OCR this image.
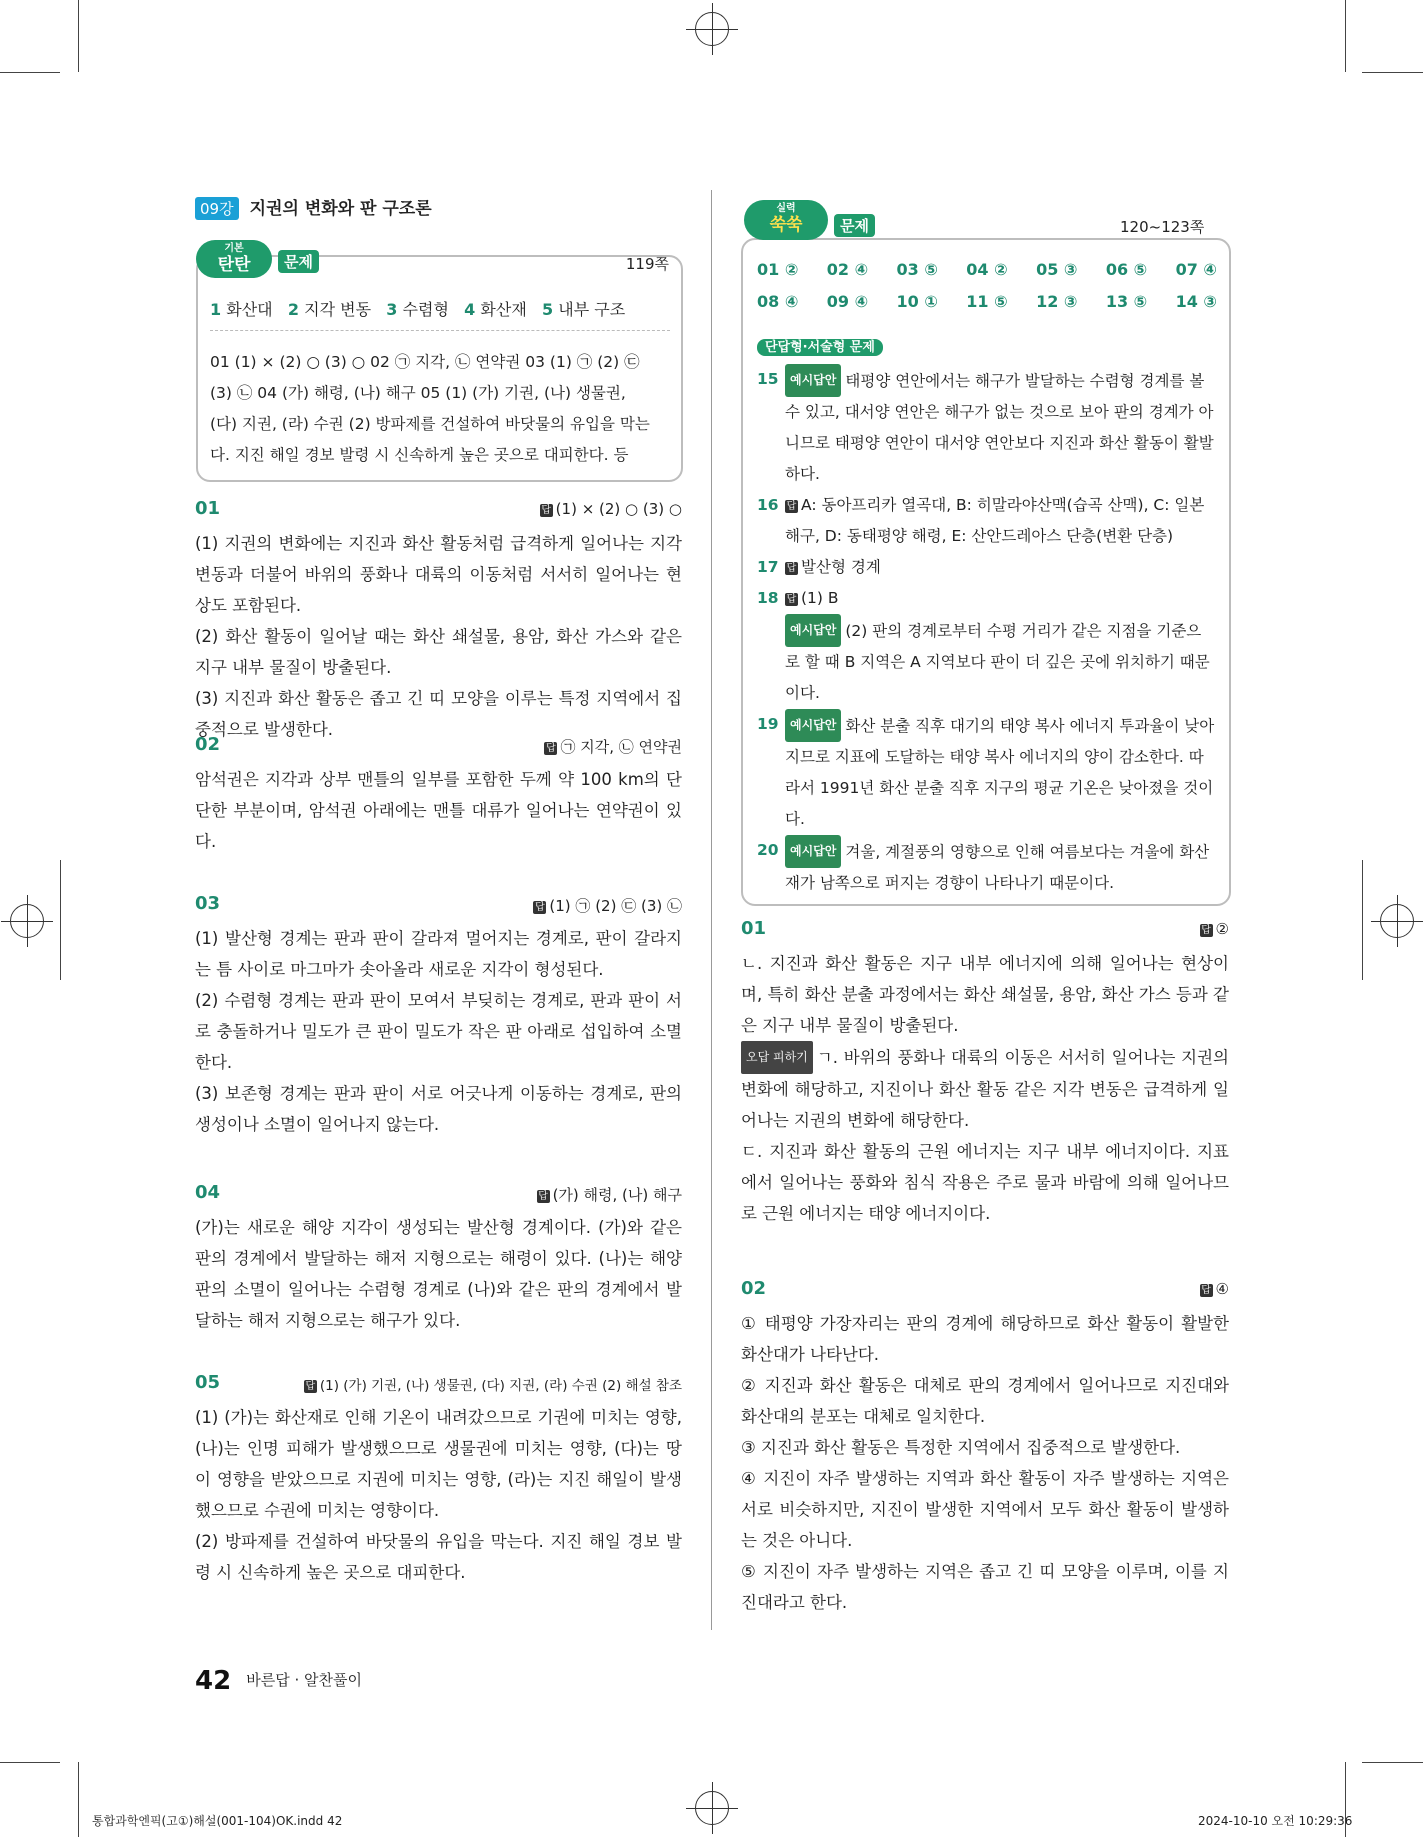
09강 지권의 변화와 판 구조론
119쪽
1 화산대 2 지각 변동 3 수렴형 4 화산재 5 내부 구조
01 (1) × (2) ○ (3) ○ 02 ㉠ 지각, ㉡ 연약권 03 (1) ㉠ (2) ㉢
(3) ㉡ 04 (가) 해령, (나) 해구 05 (1) (가) 기권, (나) 생물권,
(다) 지권, (라) 수권 (2) 방파제를 건설하여 바닷물의 유입을 막는
다. 지진 해일 경보 발령 시 신속하게 높은 곳으로 대피한다. 등
기본
탄탄	문제
01	답 (1) × (2) ○ (3) ○
(1) 지권의 변화에는 지진과 화산 활동처럼 급격하게 일어나는 지각 변동과 더불어 바위의 풍화나 대륙의 이동처럼 서서히 일어나는 현상도 포함된다.
(2) 화산 활동이 일어날 때는 화산 쇄설물, 용암, 화산 가스와 같은 지구 내부 물질이 방출된다.
(3) 지진과 화산 활동은 좁고 긴 띠 모양을 이루는 특정 지역에서 집중적으로 발생한다.
02	답 ㉠ 지각, ㉡ 연약권
암석권은 지각과 상부 맨틀의 일부를 포함한 두께 약 100 km의 단단한 부분이며, 암석권 아래에는 맨틀 대류가 일어나는 연약권이 있다.
03	답 (1) ㉠ (2) ㉢ (3) ㉡
(1) 발산형 경계는 판과 판이 갈라져 멀어지는 경계로, 판이 갈라지는 틈 사이로 마그마가 솟아올라 새로운 지각이 형성된다.
(2) 수렴형 경계는 판과 판이 모여서 부딪히는 경계로, 판과 판이 서로 충돌하거나 밀도가 큰 판이 밀도가 작은 판 아래로 섭입하여 소멸한다.
(3) 보존형 경계는 판과 판이 서로 어긋나게 이동하는 경계로, 판의 생성이나 소멸이 일어나지 않는다.
04	답 (가) 해령, (나) 해구
(가)는 새로운 해양 지각이 생성되는 발산형 경계이다. (가)와 같은 판의 경계에서 발달하는 해저 지형으로는 해령이 있다. (나)는 해양판의 소멸이 일어나는 수렴형 경계로 (나)와 같은 판의 경계에서 발달하는 해저 지형으로는 해구가 있다.
05	답 (1) (가) 기권, (나) 생물권, (다) 지권, (라) 수권 (2) 해설 참조
(1) (가)는 화산재로 인해 기온이 내려갔으므로 기권에 미치는 영향, (나)는 인명 피해가 발생했으므로 생물권에 미치는 영향, (다)는 땅이 영향을 받았으므로 지권에 미치는 영향, (라)는 지진 해일이 발생했으므로 수권에 미치는 영향이다.
(2) 방파제를 건설하여 바닷물의 유입을 막는다. 지진 해일 경보 발령 시 신속하게 높은 곳으로 대피한다.
01 ② 02 ④ 03 ⑤ 04 ② 05 ③ 06 ⑤ 07 ④
08 ④ 09 ④ 10 ① 11 ⑤ 12 ③ 13 ⑤ 14 ③
단답형·서술형 문제
15 예시답안 태평양 연안에서는 해구가 발달하는 수렴형 경계를 볼 수 있고, 대서양 연안은 해구가 없는 것으로 보아 판의 경계가 아니므로 태평양 연안이 대서양 연안보다 지진과 화산 활동이 활발하다.
16 답 A: 동아프리카 열곡대, B: 히말라야산맥(습곡 산맥), C: 일본 해구, D: 동태평양 해령, E: 산안드레아스 단층(변환 단층)
17 답 발산형 경계
18 답 (1) B
예시답안 (2) 판의 경계로부터 수평 거리가 같은 지점을 기준으로 할 때 B 지역은 A 지역보다 판이 더 깊은 곳에 위치하기 때문이다.
19 예시답안 화산 분출 직후 대기의 태양 복사 에너지 투과율이 낮아지므로 지표에 도달하는 태양 복사 에너지의 양이 감소한다. 따라서 1991년 화산 분출 직후 지구의 평균 기온은 낮아졌을 것이다.
20 예시답안 겨울, 계절풍의 영향으로 인해 여름보다는 겨울에 화산재가 남쪽으로 퍼지는 경향이 나타나기 때문이다.
실력
쑥쑥	문제	120~123쪽
01	답 ②
ㄴ. 지진과 화산 활동은 지구 내부 에너지에 의해 일어나는 현상이며, 특히 화산 분출 과정에서는 화산 쇄설물, 용암, 화산 가스 등과 같은 지구 내부 물질이 방출된다.
오답 피하기 ㄱ. 바위의 풍화나 대륙의 이동은 서서히 일어나는 지권의 변화에 해당하고, 지진이나 화산 활동 같은 지각 변동은 급격하게 일어나는 지권의 변화에 해당한다.
ㄷ. 지진과 화산 활동의 근원 에너지는 지구 내부 에너지이다. 지표에서 일어나는 풍화와 침식 작용은 주로 물과 바람에 의해 일어나므로 근원 에너지는 태양 에너지이다.
02	답 ④
① 태평양 가장자리는 판의 경계에 해당하므로 화산 활동이 활발한 화산대가 나타난다.
② 지진과 화산 활동은 대체로 판의 경계에서 일어나므로 지진대와 화산대의 분포는 대체로 일치한다.
③ 지진과 화산 활동은 특정한 지역에서 집중적으로 발생한다.
④ 지진이 자주 발생하는 지역과 화산 활동이 자주 발생하는 지역은 서로 비슷하지만, 지진이 발생한 지역에서 모두 화산 활동이 발생하는 것은 아니다.
⑤ 지진이 자주 발생하는 지역은 좁고 긴 띠 모양을 이루며, 이를 지진대라고 한다.
42 바른답 · 알찬풀이
통합과학엔픽(고①)해설(001-104)OK.indd 42	2024-10-10 오전 10:29:36
